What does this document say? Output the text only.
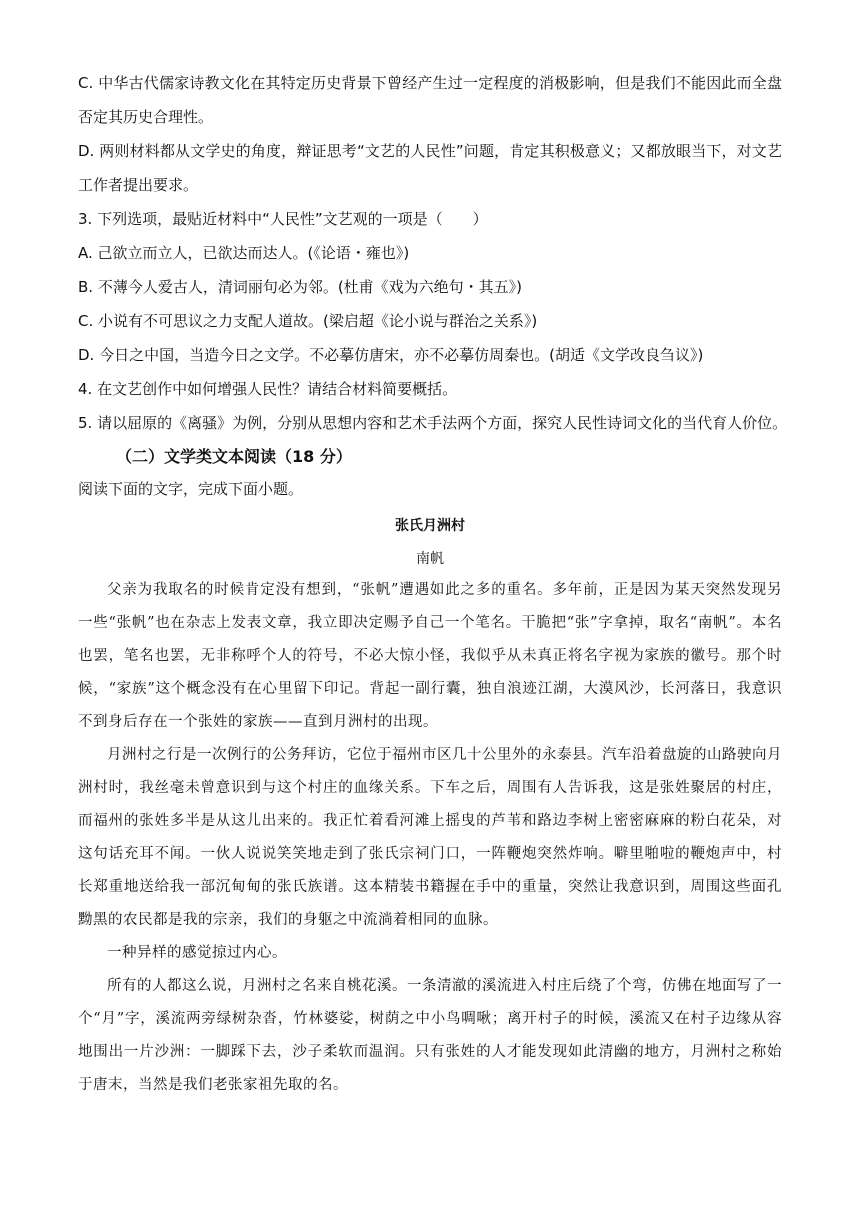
C. 中华古代儒家诗教文化在其特定历史背景下曾经产生过一定程度的消极影响，但是我们不能因此而全盘否定其历史合理性。
D. 两则材料都从文学史的角度，辩证思考“文艺的人民性”问题，肯定其积极意义；又都放眼当下，对文艺工作者提出要求。
3. 下列选项，最贴近材料中“人民性”文艺观的一项是（　　）
A. 己欲立而立人，已欲达而达人。(《论语・雍也》)
B. 不薄今人爱古人，清词丽句必为邻。(杜甫《戏为六绝句・其五》)
C. 小说有不可思议之力支配人道故。(梁启超《论小说与群治之关系》)
D. 今日之中国，当造今日之文学。不必摹仿唐宋，亦不必摹仿周秦也。(胡适《文学改良刍议》)
4. 在文艺创作中如何增强人民性？请结合材料简要概括。
5. 请以屈原的《离骚》为例，分别从思想内容和艺术手法两个方面，探究人民性诗词文化的当代育人价位。
（二）文学类文本阅读（18 分）
阅读下面的文字，完成下面小题。
张氏月洲村
南帆

父亲为我取名的时候肯定没有想到，“张帆”遭遇如此之多的重名。多年前，正是因为某天突然发现另一些“张帆”也在杂志上发表文章，我立即决定赐予自己一个笔名。干脆把“张”字拿掉，取名“南帆”。本名也罢，笔名也罢，无非称呼个人的符号，不必大惊小怪，我似乎从未真正将名字视为家族的徽号。那个时候，“家族”这个概念没有在心里留下印记。背起一副行囊，独自浪迹江湖，大漠风沙，长河落日，我意识不到身后存在一个张姓的家族——直到月洲村的出现。

月洲村之行是一次例行的公务拜访，它位于福州市区几十公里外的永泰县。汽车沿着盘旋的山路驶向月洲村时，我丝毫未曾意识到与这个村庄的血缘关系。下车之后，周围有人告诉我，这是张姓聚居的村庄，而福州的张姓多半是从这儿出来的。我正忙着看河滩上摇曳的芦苇和路边李树上密密麻麻的粉白花朵，对这句话充耳不闻。一伙人说说笑笑地走到了张氏宗祠门口，一阵鞭炮突然炸响。噼里啪啦的鞭炮声中，村长郑重地送给我一部沉甸甸的张氏族谱。这本精装书籍握在手中的重量，突然让我意识到，周围这些面孔黝黑的农民都是我的宗亲，我们的身躯之中流淌着相同的血脉。

一种异样的感觉掠过内心。

所有的人都这么说，月洲村之名来自桃花溪。一条清澈的溪流进入村庄后绕了个弯，仿佛在地面写了一个“月”字，溪流两旁绿树杂沓，竹林婆娑，树荫之中小鸟啁啾；离开村子的时候，溪流又在村子边缘从容地围出一片沙洲：一脚踩下去，沙子柔软而温润。只有张姓的人才能发现如此清幽的地方，月洲村之称始于唐末，当然是我们老张家祖先取的名。
